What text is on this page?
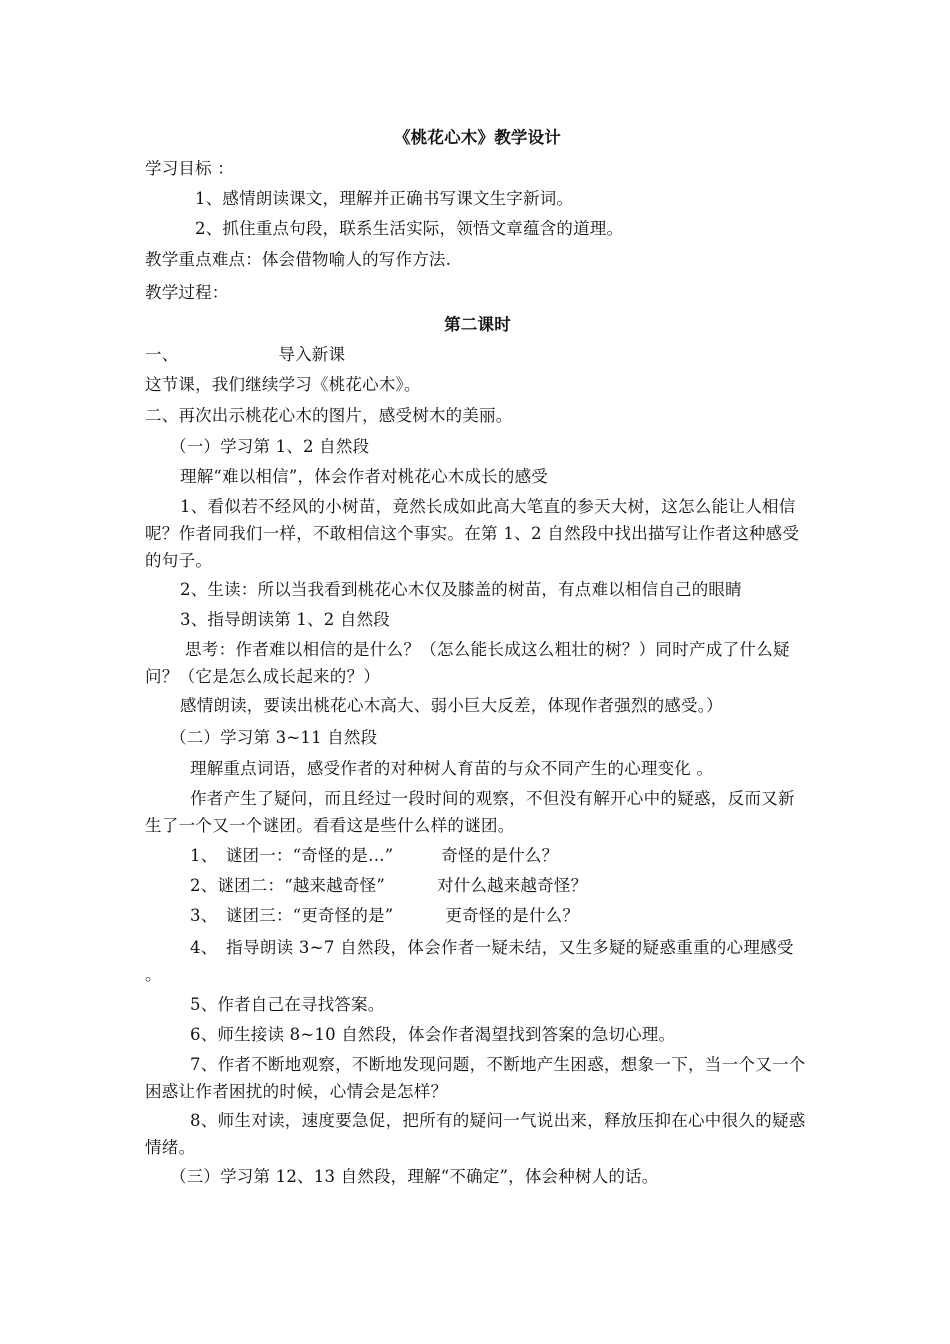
《桃花心木》教学设计
学习目标 ：
1、感情朗读课文，理解并正确书写课文生字新词。
2、抓住重点句段，联系生活实际，领悟文章蕴含的道理。
教学重点难点：体会借物喻人的写作方法.
教学过程：
第二课时
一、	导入新课
这节课，我们继续学习《桃花心木》。
二、再次出示桃花心木的图片，感受树木的美丽。
（一）学习第 1、2 自然段
理解“难以相信”，体会作者对桃花心木成长的感受
1、看似若不经风的小树苗，竟然长成如此高大笔直的参天大树，这怎么能让人相信呢？作者同我们一样，不敢相信这个事实。在第 1、2 自然段中找出描写让作者这种感受的句子。
2、生读：所以当我看到桃花心木仅及膝盖的树苗，有点难以相信自己的眼睛
3、指导朗读第 1、2 自然段
思考：作者难以相信的是什么？（怎么能长成这么粗壮的树？）同时产成了什么疑问？（它是怎么成长起来的？）
感情朗读，要读出桃花心木高大、弱小巨大反差，体现作者强烈的感受。）
（二）学习第 3~11 自然段
理解重点词语，感受作者的对种树人育苗的与众不同产生的心理变化 。
作者产生了疑问，而且经过一段时间的观察，不但没有解开心中的疑惑，反而又新生了一个又一个谜团。看看这是些什么样的谜团。
1、　谜团一：“奇怪的是…”	奇怪的是什么？
2、谜团二：“越来越奇怪”	对什么越来越奇怪？
3、　谜团三：“更奇怪的是”	更奇怪的是什么？
4、　指导朗读 3~7 自然段，体会作者一疑未结，又生多疑的疑惑重重的心理感受 。
5、作者自己在寻找答案。
6、师生接读 8~10 自然段，体会作者渴望找到答案的急切心理。
7、作者不断地观察，不断地发现问题，不断地产生困惑，想象一下，当一个又一个困惑让作者困扰的时候，心情会是怎样？
8、师生对读，速度要急促，把所有的疑问一气说出来，释放压抑在心中很久的疑惑情绪。
（三）学习第 12、13 自然段，理解“不确定”，体会种树人的话。
